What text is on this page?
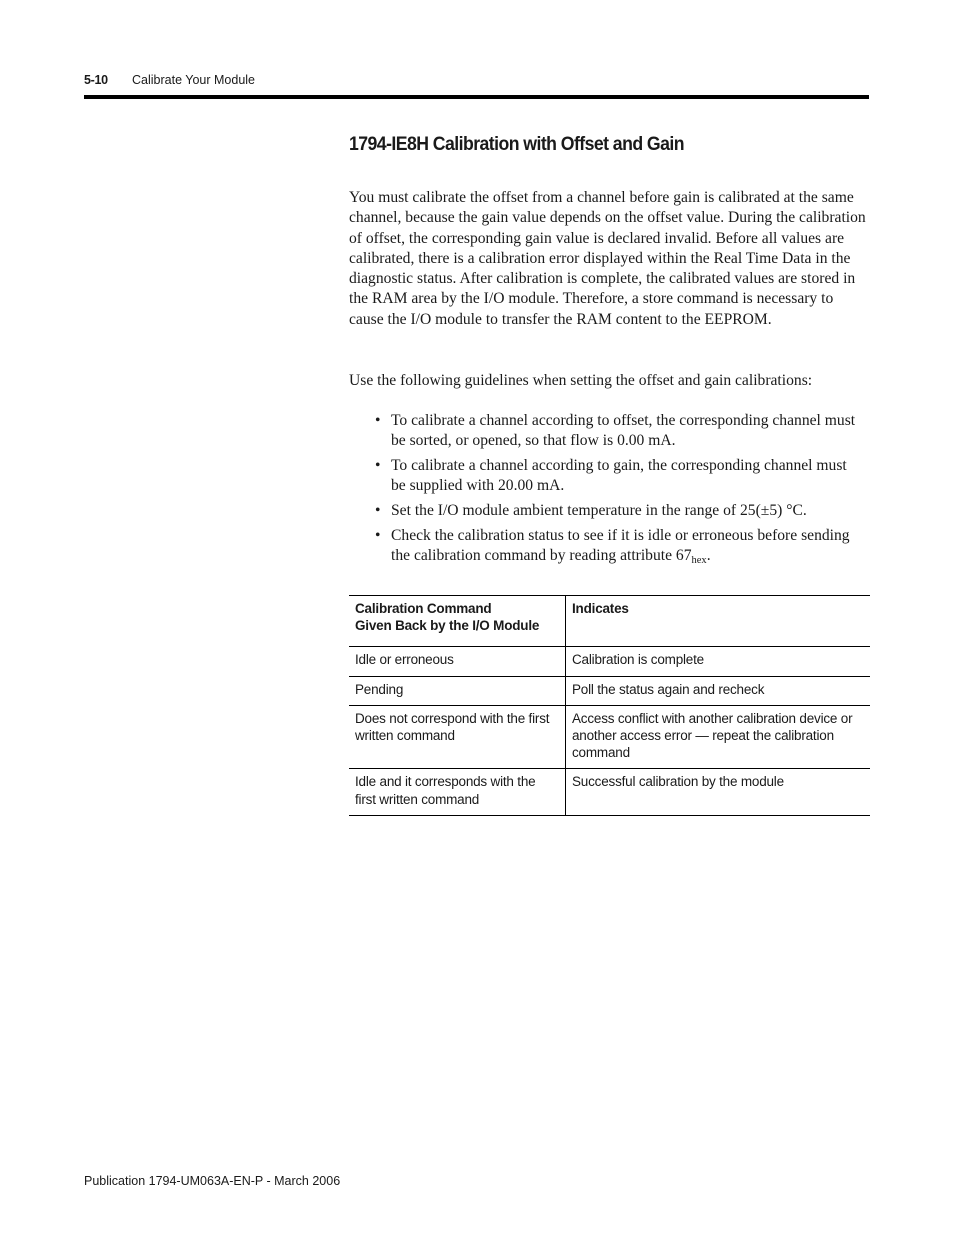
5-10 Calibrate Your Module
1794-IE8H Calibration with Offset and Gain
You must calibrate the offset from a channel before gain is calibrated at the same channel, because the gain value depends on the offset value. During the calibration of offset, the corresponding gain value is declared invalid. Before all values are calibrated, there is a calibration error displayed within the Real Time Data in the diagnostic status. After calibration is complete, the calibrated values are stored in the RAM area by the I/O module. Therefore, a store command is necessary to cause the I/O module to transfer the RAM content to the EEPROM.
Use the following guidelines when setting the offset and gain calibrations:
• To calibrate a channel according to offset, the corresponding channel must be sorted, or opened, so that flow is 0.00 mA.
• To calibrate a channel according to gain, the corresponding channel must be supplied with 20.00 mA.
• Set the I/O module ambient temperature in the range of 25(±5) °C.
• Check the calibration status to see if it is idle or erroneous before sending the calibration command by reading attribute $67_{hex}$.
Calibration Command
Given Back by the I/O Module	Indicates
Idle or erroneous	Calibration is complete
Pending	Poll the status again and recheck
Does not correspond with the first written command	Access conflict with another calibration device or another access error — repeat the calibration command
Idle and it corresponds with the first written command	Successful calibration by the module
Publication 1794-UM063A-EN-P - March 2006
